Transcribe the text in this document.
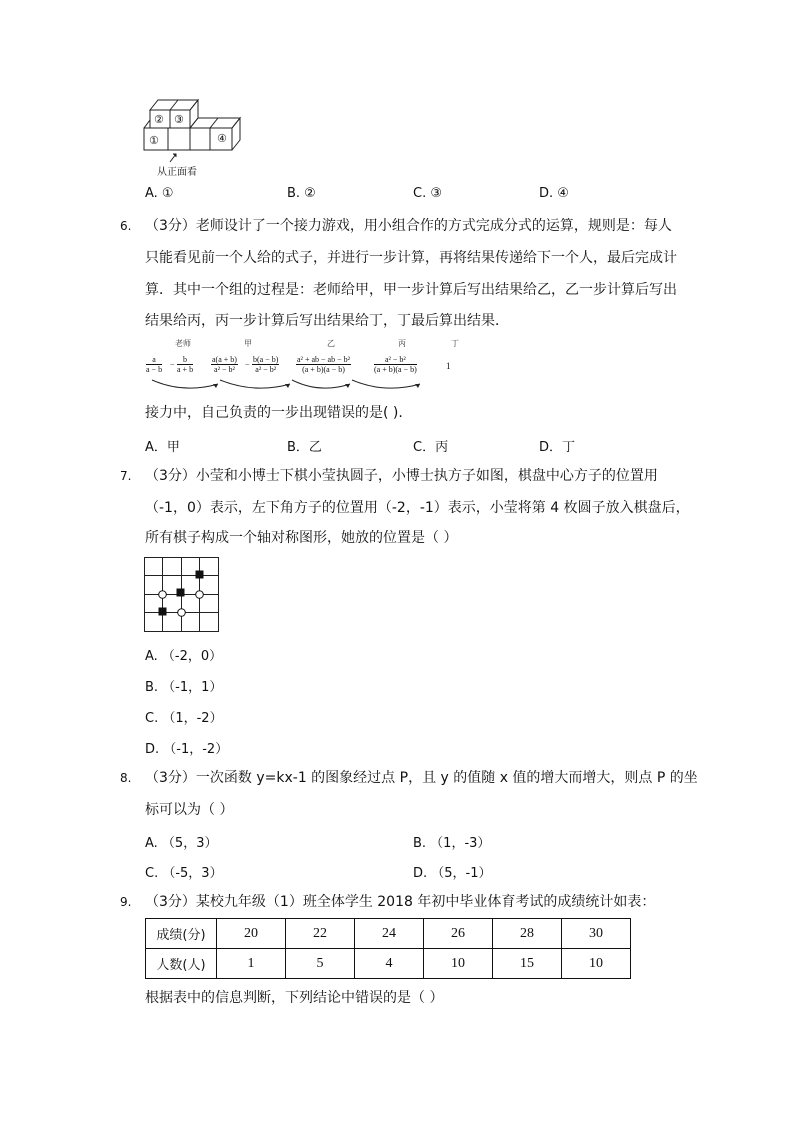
② ③
①	④
从正面看
A. ①	B. ②	C. ③	D. ④
6. （3分）老师设计了一个接力游戏，用小组合作的方式完成分式的运算，规则是：每人
只能看见前一个人给的式子，并进行一步计算，再将结果传递给下一个人，最后完成计
算．其中一个组的过程是：老师给甲，甲一步计算后写出结果给乙，乙一步计算后写出
结果给丙，丙一步计算后写出结果给丁，丁最后算出结果．
老师	甲	乙	丙	丁
a
a − b
−
b
a + b
a(a + b)
a² − b²
−
b(a − b)
a² − b²
a² + ab − ab − b²
(a + b)(a − b)
a² − b²
(a + b)(a − b)	1
接力中，自己负责的一步出现错误的是( ).
A．甲	B．乙	C．丙	D．丁
7. （3分）小莹和小博士下棋小莹执圆子，小博士执方子如图，棋盘中心方子的位置用
（-1，0）表示，左下角方子的位置用（-2，-1）表示，小莹将第 4 枚圆子放入棋盘后，
所有棋子构成一个轴对称图形，她放的位置是（ ）
A. （-2，0）
B. （-1，1）
C. （1，-2）
D. （-1，-2）
8. （3分）一次函数 y=kx-1 的图象经过点 P，且 y 的值随 x 值的增大而增大，则点 P 的坐
标可以为（ ）
A. （5，3）	B. （1，-3）
C. （-5，3）	D. （5，-1）
9. （3分）某校九年级（1）班全体学生 2018 年初中毕业体育考试的成绩统计如表：
成绩(分)	20	22	24	26	28	30
人数(人)	1	5	4	10	15	10
根据表中的信息判断，下列结论中错误的是（ ）
